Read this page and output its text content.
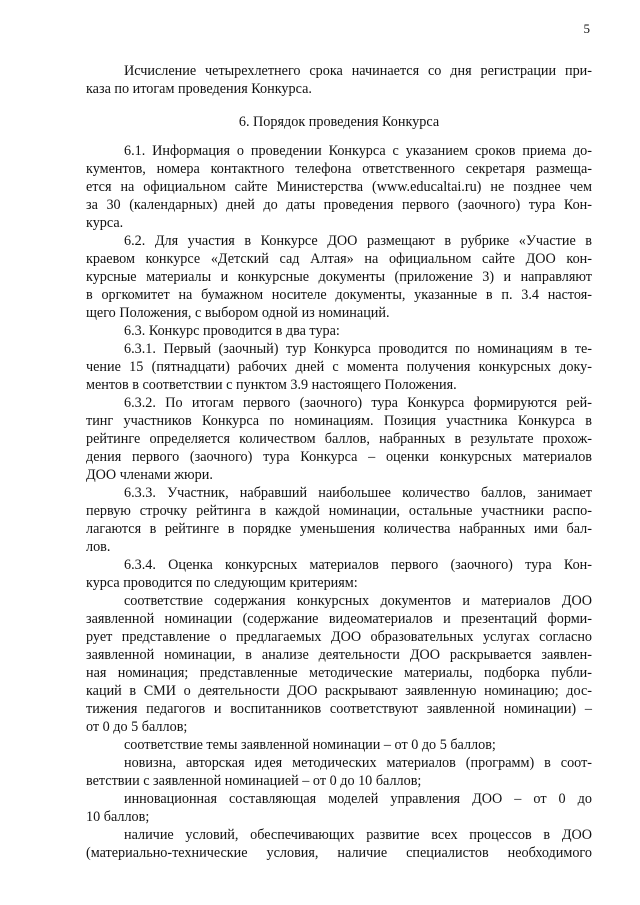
5
Исчисление четырехлетнего срока начинается со дня регистрации при-
каза по итогам проведения Конкурса.
6. Порядок проведения Конкурса
6.1. Информация о проведении Конкурса с указанием сроков приема до-
кументов, номера контактного телефона ответственного секретаря размеща-
ется на официальном сайте Министерства (www.educaltai.ru) не позднее чем
за 30 (календарных) дней до даты проведения первого (заочного) тура Кон-
курса.
6.2. Для участия в Конкурсе ДОО размещают в рубрике «Участие в
краевом конкурсе «Детский сад Алтая» на официальном сайте ДОО кон-
курсные материалы и конкурсные документы (приложение 3) и направляют
в оргкомитет на бумажном носителе документы, указанные в п. 3.4 настоя-
щего Положения, с выбором одной из номинаций.
6.3. Конкурс проводится в два тура:
6.3.1. Первый (заочный) тур Конкурса проводится по номинациям в те-
чение 15 (пятнадцати) рабочих дней с момента получения конкурсных доку-
ментов в соответствии с пунктом 3.9 настоящего Положения.
6.3.2. По итогам первого (заочного) тура Конкурса формируются рей-
тинг участников Конкурса по номинациям. Позиция участника Конкурса в
рейтинге определяется количеством баллов, набранных в результате прохож-
дения первого (заочного) тура Конкурса – оценки конкурсных материалов
ДОО членами жюри.
6.3.3. Участник, набравший наибольшее количество баллов, занимает
первую строчку рейтинга в каждой номинации, остальные участники распо-
лагаются в рейтинге в порядке уменьшения количества набранных ими бал-
лов.
6.3.4. Оценка конкурсных материалов первого (заочного) тура Кон-
курса проводится по следующим критериям:
соответствие содержания конкурсных документов и материалов ДОО
заявленной номинации (содержание видеоматериалов и презентаций форми-
рует представление о предлагаемых ДОО образовательных услугах согласно
заявленной номинации, в анализе деятельности ДОО раскрывается заявлен-
ная номинация; представленные методические материалы, подборка публи-
каций в СМИ о деятельности ДОО раскрывают заявленную номинацию; дос-
тижения педагогов и воспитанников соответствуют заявленной номинации) –
от 0 до 5 баллов;
соответствие темы заявленной номинации – от 0 до 5 баллов;
новизна, авторская идея методических материалов (программ) в соот-
ветствии с заявленной номинацией – от 0 до 10 баллов;
инновационная составляющая моделей управления ДОО – от 0 до
10 баллов;
наличие условий, обеспечивающих развитие всех процессов в ДОО
(материально-технические условия, наличие специалистов необходимого
